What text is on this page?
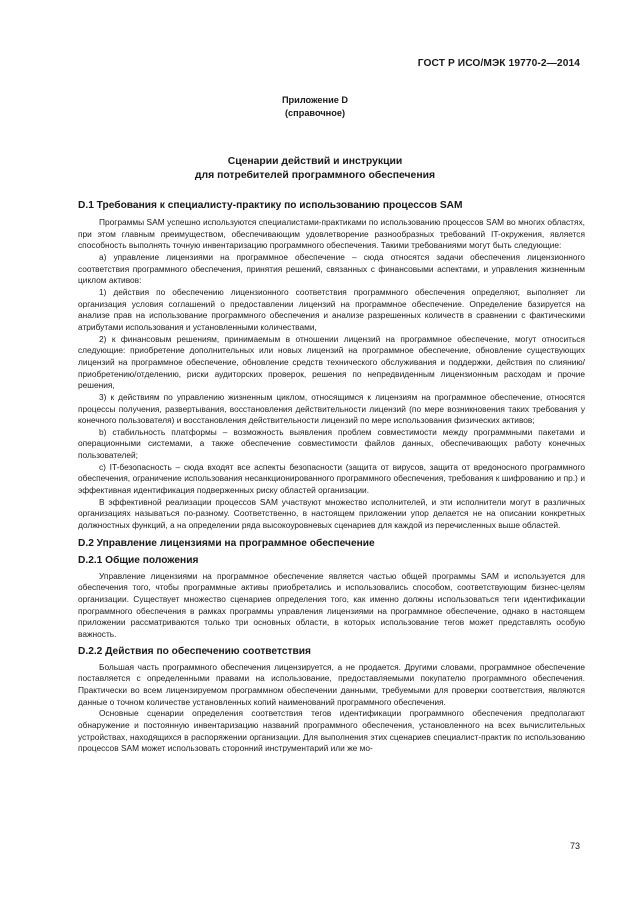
ГОСТ Р ИСО/МЭК 19770-2—2014
Приложение D
(справочное)
Сценарии действий и инструкции
для потребителей программного обеспечения
D.1 Требования к специалисту-практику по использованию процессов SAM

Программы SAM успешно используются специалистами-практиками по использованию процессов SAM во многих областях, при этом главным преимуществом, обеспечивающим удовлетворение разнообразных требований IT-окружения, является способность выполнять точную инвентаризацию программного обеспечения. Такими требованиями могут быть следующие:

а) управление лицензиями на программное обеспечение – сюда относятся задачи обеспечения лицензионного соответствия программного обеспечения, принятия решений, связанных с финансовыми аспектами, и управления жизненным циклом активов:

1) действия по обеспечению лицензионного соответствия программного обеспечения определяют, выполняет ли организация условия соглашений о предоставлении лицензий на программное обеспечение. Определение базируется на анализе прав на использование программного обеспечения и анализе разрешенных количеств в сравнении с фактическими атрибутами использования и установленными количествами,

2) к финансовым решениям, принимаемым в отношении лицензий на программное обеспечение, могут относиться следующие: приобретение дополнительных или новых лицензий на программное обеспечение, обновление существующих лицензий на программное обеспечение, обновление средств технического обслуживания и поддержки, действия по слиянию/приобретению/отделению, риски аудиторских проверок, решения по непредвиденным лицензионным расходам и прочие решения,

3) к действиям по управлению жизненным циклом, относящимся к лицензиям на программное обеспечение, относятся процессы получения, развертывания, восстановления действительности лицензий (по мере возникновения таких требования у конечного пользователя) и восстановления действительности лицензий по мере использования физических активов;

b) стабильность платформы – возможность выявления проблем совместимости между программными пакетами и операционными системами, а также обеспечение совместимости файлов данных, обеспечивающих работу конечных пользователей;

c) IT-безопасность – сюда входят все аспекты безопасности (защита от вирусов, защита от вредоносного программного обеспечения, ограничение использования несанкционированного программного обеспечения, требования к шифрованию и пр.) и эффективная идентификация подверженных риску областей организации.

В эффективной реализации процессов SAM участвуют множество исполнителей, и эти исполнители могут в различных организациях называться по-разному. Соответственно, в настоящем приложении упор делается не на описании конкретных должностных функций, а на определении ряда высокоуровневых сценариев для каждой из перечисленных выше областей.

D.2 Управление лицензиями на программное обеспечение
D.2.1 Общие положения

Управление лицензиями на программное обеспечение является частью общей программы SAM и используется для обеспечения того, чтобы программные активы приобретались и использовались способом, соответствующим бизнес-целям организации. Существует множество сценариев определения того, как именно должны использоваться теги идентификации программного обеспечения в рамках программы управления лицензиями на программное обеспечение, однако в настоящем приложении рассматриваются только три основных области, в которых использование тегов может представлять особую важность.

D.2.2 Действия по обеспечению соответствия

Большая часть программного обеспечения лицензируется, а не продается. Другими словами, программное обеспечение поставляется с определенными правами на использование, предоставляемыми покупателю программного обеспечения. Практически во всем лицензируемом программном обеспечении данными, требуемыми для проверки соответствия, являются данные о точном количестве установленных копий наименований программного обеспечения.

Основные сценарии определения соответствия тегов идентификации программного обеспечения предполагают обнаружение и постоянную инвентаризацию названий программного обеспечения, установленного на всех вычислительных устройствах, находящихся в распоряжении организации. Для выполнения этих сценариев специалист-практик по использованию процессов SAM может использовать сторонний инструментарий или же мо-

73
